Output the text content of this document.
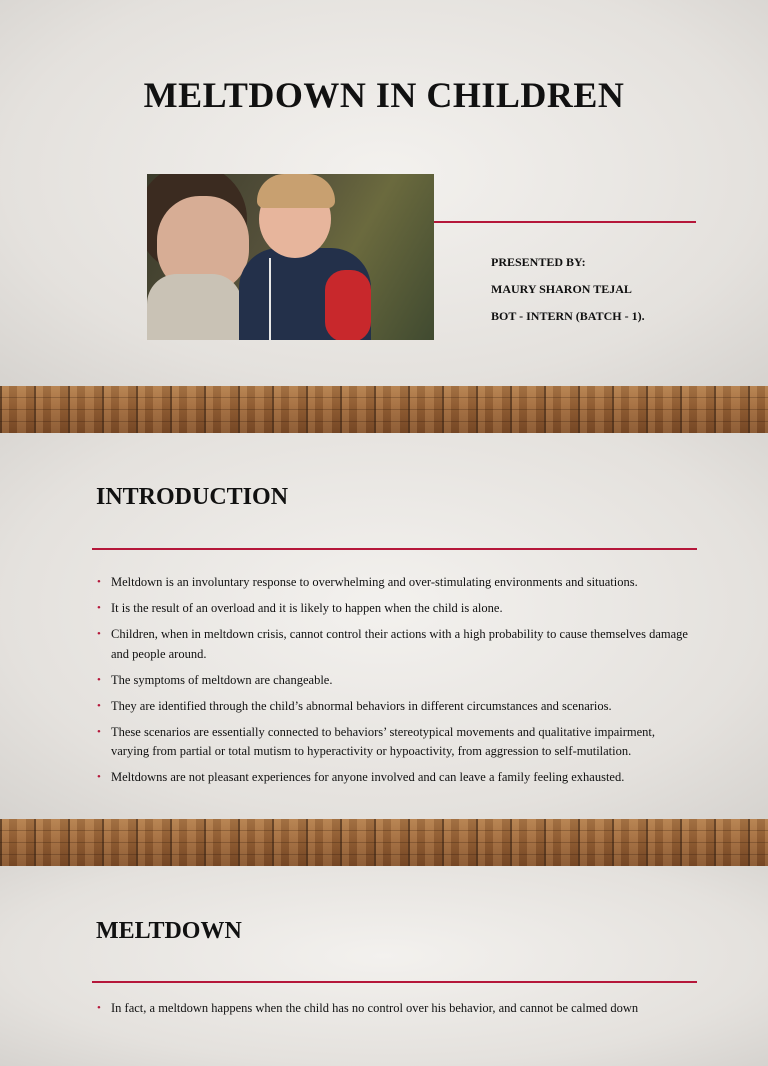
MELTDOWN IN CHILDREN
PRESENTED BY:
MAURY SHARON TEJAL
BOT - INTERN (BATCH - 1).
INTRODUCTION
• Meltdown is an involuntary response to overwhelming and over-stimulating environments and situations.
• It is the result of an overload and it is likely to happen when the child is alone.
• Children, when in meltdown crisis, cannot control their actions with a high probability to cause themselves damage and people around.
• The symptoms of meltdown are changeable.
• They are identified through the child’s abnormal behaviors in different circumstances and scenarios.
• These scenarios are essentially connected to behaviors’ stereotypical movements and qualitative impairment, varying from partial or total mutism to hyperactivity or hypoactivity, from aggression to self-mutilation.
• Meltdowns are not pleasant experiences for anyone involved and can leave a family feeling exhausted.
MELTDOWN
• In fact, a meltdown happens when the child has no control over his behavior, and cannot be calmed down
